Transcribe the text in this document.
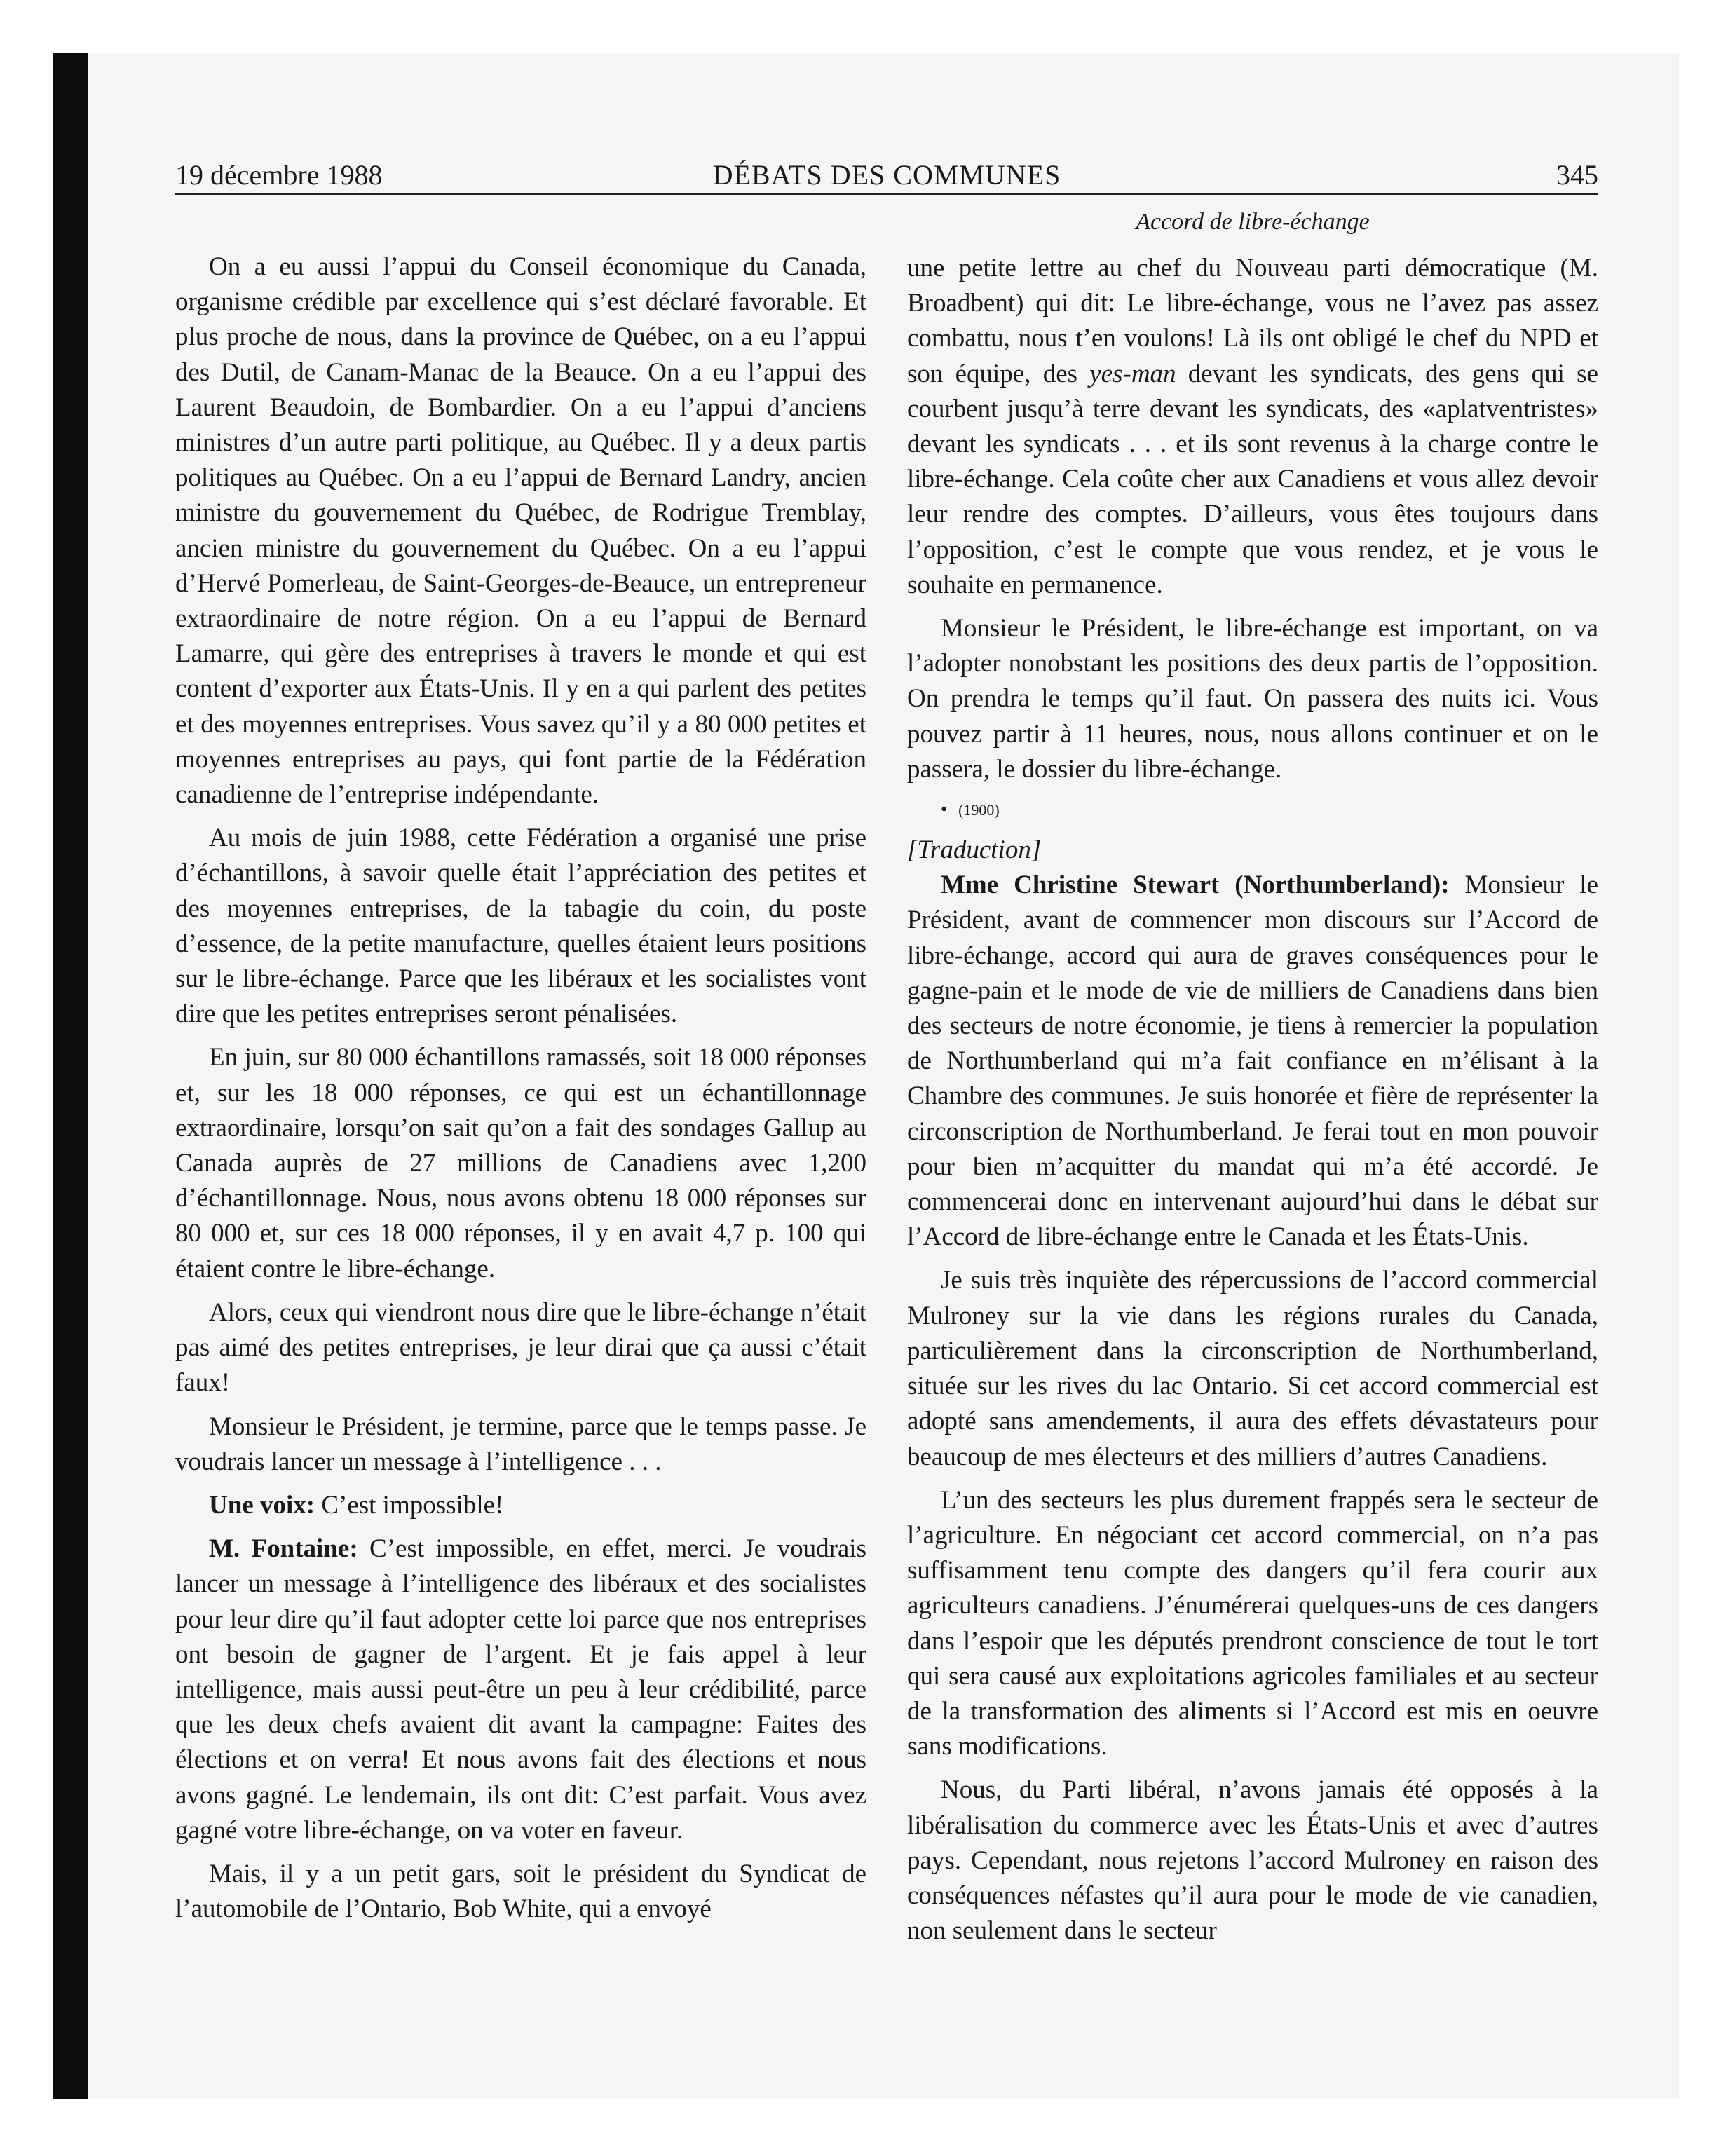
19 décembre 1988	DÉBATS DES COMMUNES	345
Accord de libre-échange

On a eu aussi l’appui du Conseil économique du Canada, organisme crédible par excellence qui s’est déclaré favorable. Et plus proche de nous, dans la province de Québec, on a eu l’appui des Dutil, de Canam-Manac de la Beauce. On a eu l’appui des Laurent Beaudoin, de Bombardier. On a eu l’appui d’anciens ministres d’un autre parti politique, au Québec. Il y a deux partis politiques au Québec. On a eu l’appui de Bernard Landry, ancien ministre du gouvernement du Québec, de Rodrigue Tremblay, ancien ministre du gouvernement du Québec. On a eu l’appui d’Hervé Pomerleau, de Saint-Georges-de-Beauce, un entrepreneur extraordinaire de notre région. On a eu l’appui de Bernard Lamarre, qui gère des entreprises à travers le monde et qui est content d’exporter aux États-Unis. Il y en a qui parlent des petites et des moyennes entreprises. Vous savez qu’il y a 80 000 petites et moyennes entreprises au pays, qui font partie de la Fédération canadienne de l’entreprise indépendante.

Au mois de juin 1988, cette Fédération a organisé une prise d’échantillons, à savoir quelle était l’appréciation des petites et des moyennes entreprises, de la tabagie du coin, du poste d’essence, de la petite manufacture, quelles étaient leurs positions sur le libre-échange. Parce que les libéraux et les socialistes vont dire que les petites entreprises seront pénalisées.

En juin, sur 80 000 échantillons ramassés, soit 18 000 réponses et, sur les 18 000 réponses, ce qui est un échantillonnage extraordinaire, lorsqu’on sait qu’on a fait des sondages Gallup au Canada auprès de 27 millions de Canadiens avec 1,200 d’échantillonnage. Nous, nous avons obtenu 18 000 réponses sur 80 000 et, sur ces 18 000 réponses, il y en avait 4,7 p. 100 qui étaient contre le libre-échange.

Alors, ceux qui viendront nous dire que le libre-échange n’était pas aimé des petites entreprises, je leur dirai que ça aussi c’était faux!

Monsieur le Président, je termine, parce que le temps passe. Je voudrais lancer un message à l’intelligence . . .

Une voix: C’est impossible!

M. Fontaine: C’est impossible, en effet, merci. Je voudrais lancer un message à l’intelligence des libéraux et des socialistes pour leur dire qu’il faut adopter cette loi parce que nos entreprises ont besoin de gagner de l’argent. Et je fais appel à leur intelligence, mais aussi peut-être un peu à leur crédibilité, parce que les deux chefs avaient dit avant la campagne: Faites des élections et on verra! Et nous avons fait des élections et nous avons gagné. Le lendemain, ils ont dit: C’est parfait. Vous avez gagné votre libre-échange, on va voter en faveur.

Mais, il y a un petit gars, soit le président du Syndicat de l’automobile de l’Ontario, Bob White, qui a envoyé

une petite lettre au chef du Nouveau parti démocratique (M. Broadbent) qui dit: Le libre-échange, vous ne l’avez pas assez combattu, nous t’en voulons! Là ils ont obligé le chef du NPD et son équipe, des yes-man devant les syndicats, des gens qui se courbent jusqu’à terre devant les syndicats, des «aplatventristes» devant les syndicats . . . et ils sont revenus à la charge contre le libre-échange. Cela coûte cher aux Canadiens et vous allez devoir leur rendre des comptes. D’ailleurs, vous êtes toujours dans l’opposition, c’est le compte que vous rendez, et je vous le souhaite en permanence.

Monsieur le Président, le libre-échange est important, on va l’adopter nonobstant les positions des deux partis de l’opposition. On prendra le temps qu’il faut. On passera des nuits ici. Vous pouvez partir à 11 heures, nous, nous allons continuer et on le passera, le dossier du libre-échange.

• (1900)

[Traduction]

Mme Christine Stewart (Northumberland): Monsieur le Président, avant de commencer mon discours sur l’Accord de libre-échange, accord qui aura de graves conséquences pour le gagne-pain et le mode de vie de milliers de Canadiens dans bien des secteurs de notre économie, je tiens à remercier la population de Northumberland qui m’a fait confiance en m’élisant à la Chambre des communes. Je suis honorée et fière de représenter la circonscription de Northumberland. Je ferai tout en mon pouvoir pour bien m’acquitter du mandat qui m’a été accordé. Je commencerai donc en intervenant aujourd’hui dans le débat sur l’Accord de libre-échange entre le Canada et les États-Unis.

Je suis très inquiète des répercussions de l’accord commercial Mulroney sur la vie dans les régions rurales du Canada, particulièrement dans la circonscription de Northumberland, située sur les rives du lac Ontario. Si cet accord commercial est adopté sans amendements, il aura des effets dévastateurs pour beaucoup de mes électeurs et des milliers d’autres Canadiens.

L’un des secteurs les plus durement frappés sera le secteur de l’agriculture. En négociant cet accord commercial, on n’a pas suffisamment tenu compte des dangers qu’il fera courir aux agriculteurs canadiens. J’énumérerai quelques-uns de ces dangers dans l’espoir que les députés prendront conscience de tout le tort qui sera causé aux exploitations agricoles familiales et au secteur de la transformation des aliments si l’Accord est mis en oeuvre sans modifications.

Nous, du Parti libéral, n’avons jamais été opposés à la libéralisation du commerce avec les États-Unis et avec d’autres pays. Cependant, nous rejetons l’accord Mulroney en raison des conséquences néfastes qu’il aura pour le mode de vie canadien, non seulement dans le secteur
